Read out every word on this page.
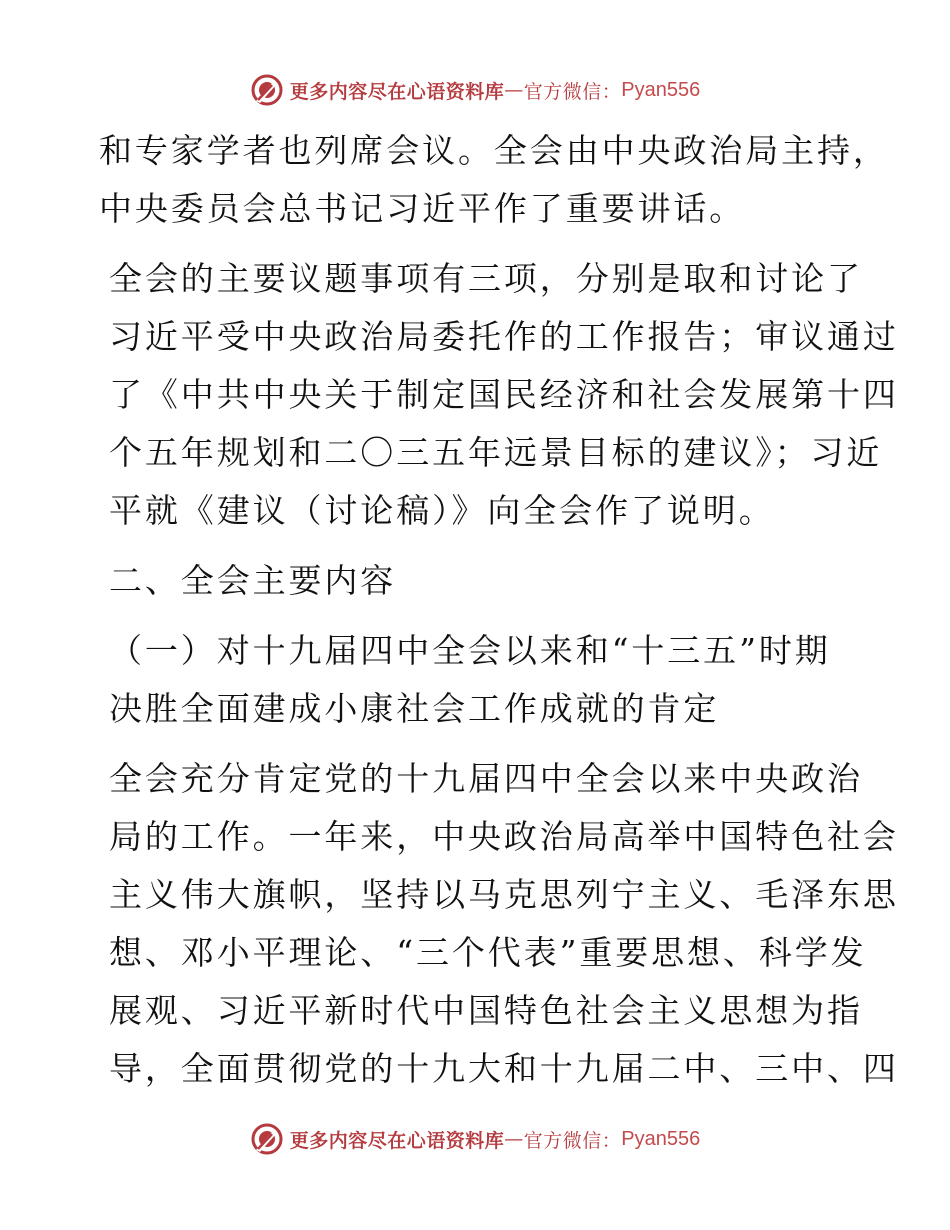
更多内容尽在心语资料库 — 官方微信： Pyan556
和专家学者也列席会议。全会由中央政治局主持，
中央委员会总书记习近平作了重要讲话。
全会的主要议题事项有三项，分别是取和讨论了
习近平受中央政治局委托作的工作报告；审议通过
了《中共中央关于制定国民经济和社会发展第十四
个五年规划和二〇三五年远景目标的建议》；习近
平就《建议（讨论稿）》向全会作了说明。
二、全会主要内容
（一）对十九届四中全会以来和“十三五”时期
决胜全面建成小康社会工作成就的肯定
全会充分肯定党的十九届四中全会以来中央政治
局的工作。一年来，中央政治局高举中国特色社会
主义伟大旗帜，坚持以马克思列宁主义、毛泽东思
想、邓小平理论、“三个代表”重要思想、科学发
展观、习近平新时代中国特色社会主义思想为指
导，全面贯彻党的十九大和十九届二中、三中、四
更多内容尽在心语资料库 — 官方微信： Pyan556
